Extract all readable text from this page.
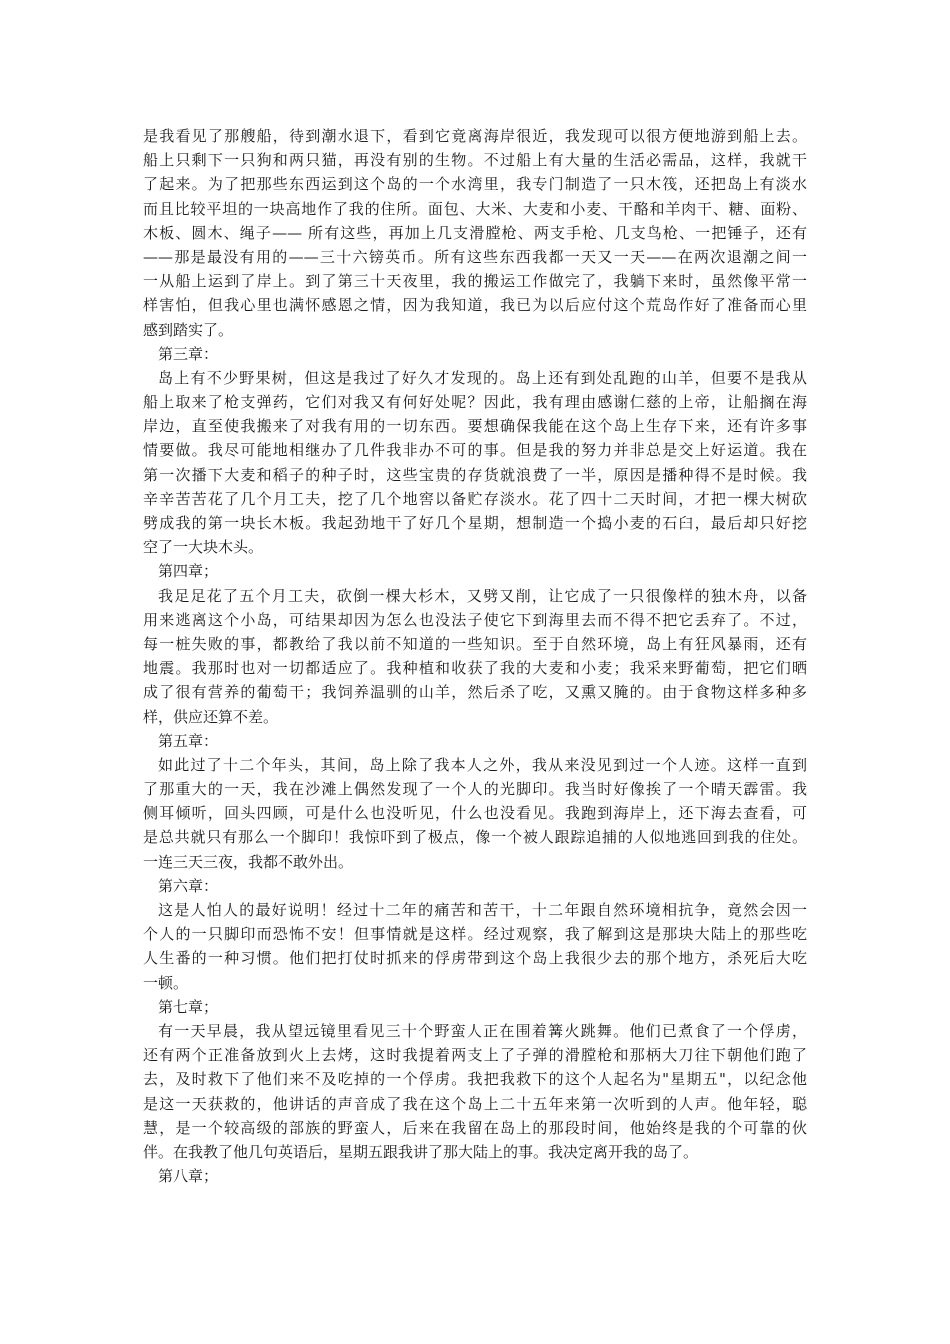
是我看见了那艘船，待到潮水退下，看到它竟离海岸很近，我发现可以很方便地游到船上去。
船上只剩下一只狗和两只猫，再没有别的生物。不过船上有大量的生活必需品，这样，我就干
了起来。为了把那些东西运到这个岛的一个水湾里，我专门制造了一只木筏，还把岛上有淡水
而且比较平坦的一块高地作了我的住所。面包、大米、大麦和小麦、干酪和羊肉干、糖、面粉、
木板、圆木、绳子—— 所有这些，再加上几支滑膛枪、两支手枪、几支鸟枪、一把锤子，还有
——那是最没有用的——三十六镑英币。所有这些东西我都一天又一天——在两次退潮之间一
一从船上运到了岸上。到了第三十天夜里，我的搬运工作做完了，我躺下来时，虽然像平常一
样害怕，但我心里也满怀感恩之情，因为我知道，我已为以后应付这个荒岛作好了准备而心里
感到踏实了。
第三章：
岛上有不少野果树，但这是我过了好久才发现的。岛上还有到处乱跑的山羊，但要不是我从
船上取来了枪支弹药，它们对我又有何好处呢？因此，我有理由感谢仁慈的上帝，让船搁在海
岸边，直至使我搬来了对我有用的一切东西。要想确保我能在这个岛上生存下来，还有许多事
情要做。我尽可能地相继办了几件我非办不可的事。但是我的努力并非总是交上好运道。我在
第一次播下大麦和稻子的种子时，这些宝贵的存货就浪费了一半，原因是播种得不是时候。我
辛辛苦苦花了几个月工夫，挖了几个地窖以备贮存淡水。花了四十二天时间，才把一棵大树砍
劈成我的第一块长木板。我起劲地干了好几个星期，想制造一个捣小麦的石臼，最后却只好挖
空了一大块木头。
第四章；
我足足花了五个月工夫，砍倒一棵大杉木，又劈又削，让它成了一只很像样的独木舟，以备
用来逃离这个小岛，可结果却因为怎么也没法子使它下到海里去而不得不把它丢弃了。不过，
每一桩失败的事，都教给了我以前不知道的一些知识。至于自然环境，岛上有狂风暴雨，还有
地震。我那时也对一切都适应了。我种植和收获了我的大麦和小麦；我采来野葡萄，把它们晒
成了很有营养的葡萄干；我饲养温驯的山羊，然后杀了吃，又熏又腌的。由于食物这样多种多
样，供应还算不差。
第五章：
如此过了十二个年头，其间，岛上除了我本人之外，我从来没见到过一个人迹。这样一直到
了那重大的一天，我在沙滩上偶然发现了一个人的光脚印。我当时好像挨了一个晴天霹雷。我
侧耳倾听，回头四顾，可是什么也没听见，什么也没看见。我跑到海岸上，还下海去查看，可
是总共就只有那么一个脚印！我惊吓到了极点，像一个被人跟踪追捕的人似地逃回到我的住处。
一连三天三夜，我都不敢外出。
第六章：
这是人怕人的最好说明！经过十二年的痛苦和苦干，十二年跟自然环境相抗争，竟然会因一
个人的一只脚印而恐怖不安！但事情就是这样。经过观察，我了解到这是那块大陆上的那些吃
人生番的一种习惯。他们把打仗时抓来的俘虏带到这个岛上我很少去的那个地方，杀死后大吃
一顿。
第七章；
有一天早晨，我从望远镜里看见三十个野蛮人正在围着篝火跳舞。他们已煮食了一个俘虏，
还有两个正准备放到火上去烤，这时我提着两支上了子弹的滑膛枪和那柄大刀往下朝他们跑了
去，及时救下了他们来不及吃掉的一个俘虏。我把我救下的这个人起名为"星期五"，以纪念他
是这一天获救的，他讲话的声音成了我在这个岛上二十五年来第一次听到的人声。他年轻，聪
慧，是一个较高级的部族的野蛮人，后来在我留在岛上的那段时间，他始终是我的个可靠的伙
伴。在我教了他几句英语后，星期五跟我讲了那大陆上的事。我决定离开我的岛了。
第八章；
